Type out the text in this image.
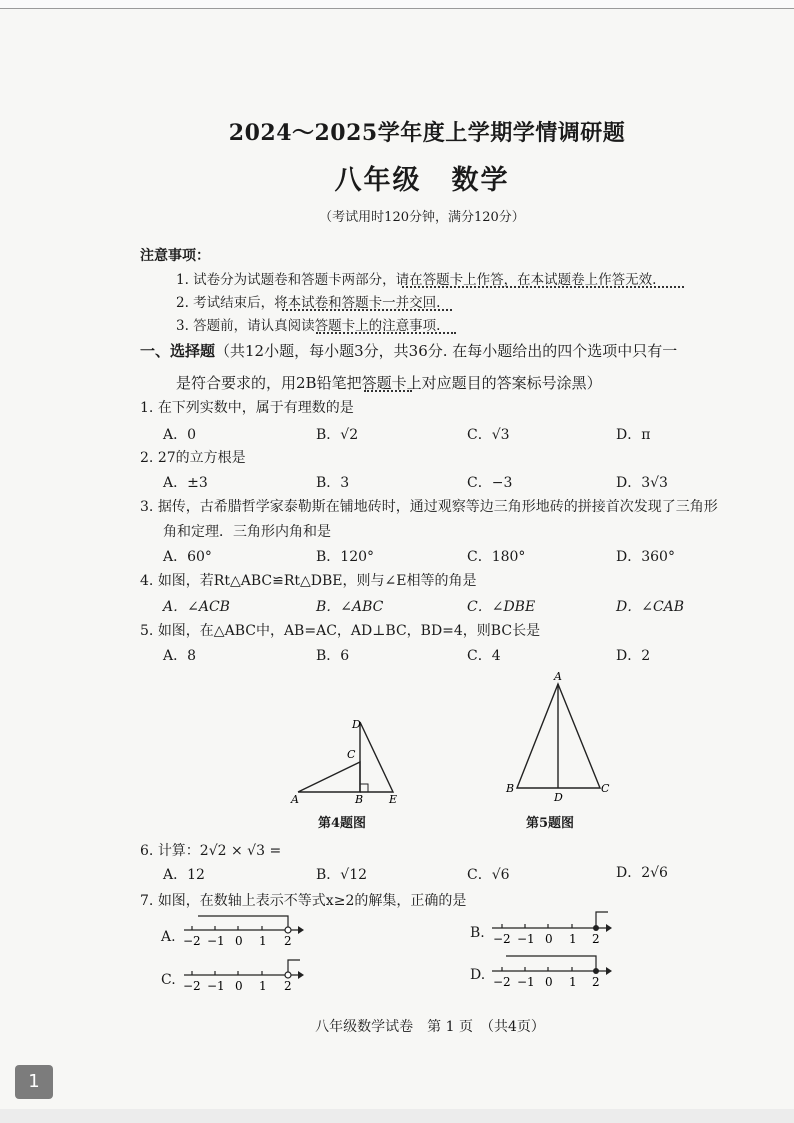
2024～2025学年度上学期学情调研题
八年级 数学
（考试用时120分钟，满分120分）
注意事项：
1. 试卷分为试题卷和答题卡两部分，请在答题卡上作答，在本试题卷上作答无效.
2. 考试结束后，将本试卷和答题卡一并交回.
3. 答题前，请认真阅读答题卡上的注意事项.
一、选择题（共12小题，每小题3分，共36分. 在每小题给出的四个选项中只有一
是符合要求的，用2B铅笔把答题卡上对应题目的答案标号涂黑）
1. 在下列实数中，属于有理数的是
A．0	B．√2	C．√3	D．π
2. 27的立方根是
A．±3	B．3	C．−3	D．3√3
3. 据传，古希腊哲学家泰勒斯在铺地砖时，通过观察等边三角形地砖的拼接首次发现了三角形
角和定理．三角形内角和是
A．60°	B．120°	C．180°	D．360°
4. 如图，若Rt△ABC≌Rt△DBE，则与∠E相等的角是
A．∠ACB	B．∠ABC	C．∠DBE	D．∠CAB
5. 如图，在△ABC中，AB=AC，AD⊥BC，BD=4，则BC长是
A．8	B．6	C．4	D．2
A	B
C
D
E
第4题图
A
B	C
D
第5题图
6. 计算：2√2 × √3 =
A．12	B．√12	C．√6	D．2√6
7. 如图，在数轴上表示不等式x≥2的解集，正确的是
A. −2 −1 0 1 2	B. −2 −1 0 1 2
C. −2 −1 0 1 2
D. −2 −1 0 1 2
八年级数学试卷　第 1 页　（共4页）
1
